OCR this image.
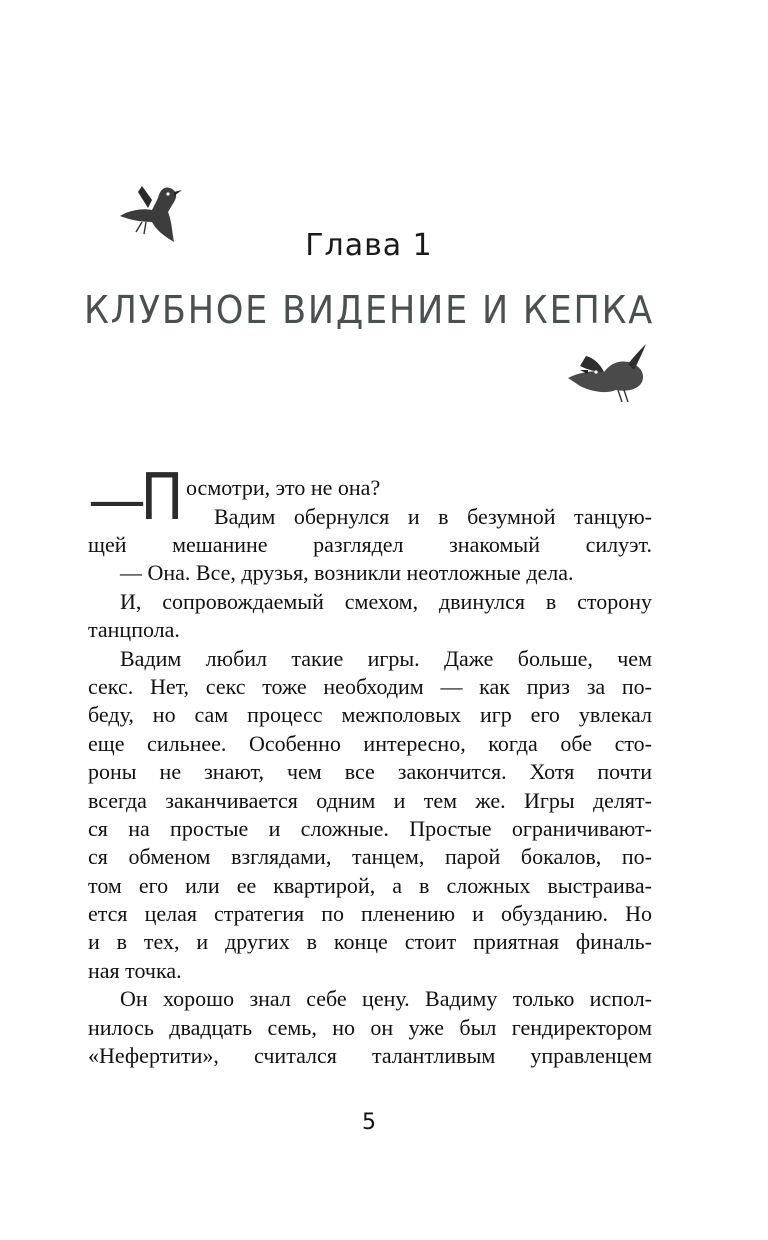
Глава 1
КЛУБНОЕ ВИДЕНИЕ И КЕПКА
—
П осмотри, это не она?
Вадим обернулся и в безумной танцую-
щей мешанине разглядел знакомый силуэт.
— Она. Все, друзья, возникли неотложные дела.
И, сопровождаемый смехом, двинулся в сторону
танцпола.
Вадим любил такие игры. Даже больше, чем
секс. Нет, секс тоже необходим — как приз за по-
беду, но сам процесс межполовых игр его увлекал
еще сильнее. Особенно интересно, когда обе сто-
роны не знают, чем все закончится. Хотя почти
всегда заканчивается одним и тем же. Игры делят-
ся на простые и сложные. Простые ограничивают-
ся обменом взглядами, танцем, парой бокалов, по-
том его или ее квартирой, а в сложных выстраива-
ется целая стратегия по пленению и обузданию. Но
и в тех, и других в конце стоит приятная финаль-
ная точка.
Он хорошо знал себе цену. Вадиму только испол-
нилось двадцать семь, но он уже был гендиректором
«Нефертити», считался талантливым управленцем
5
